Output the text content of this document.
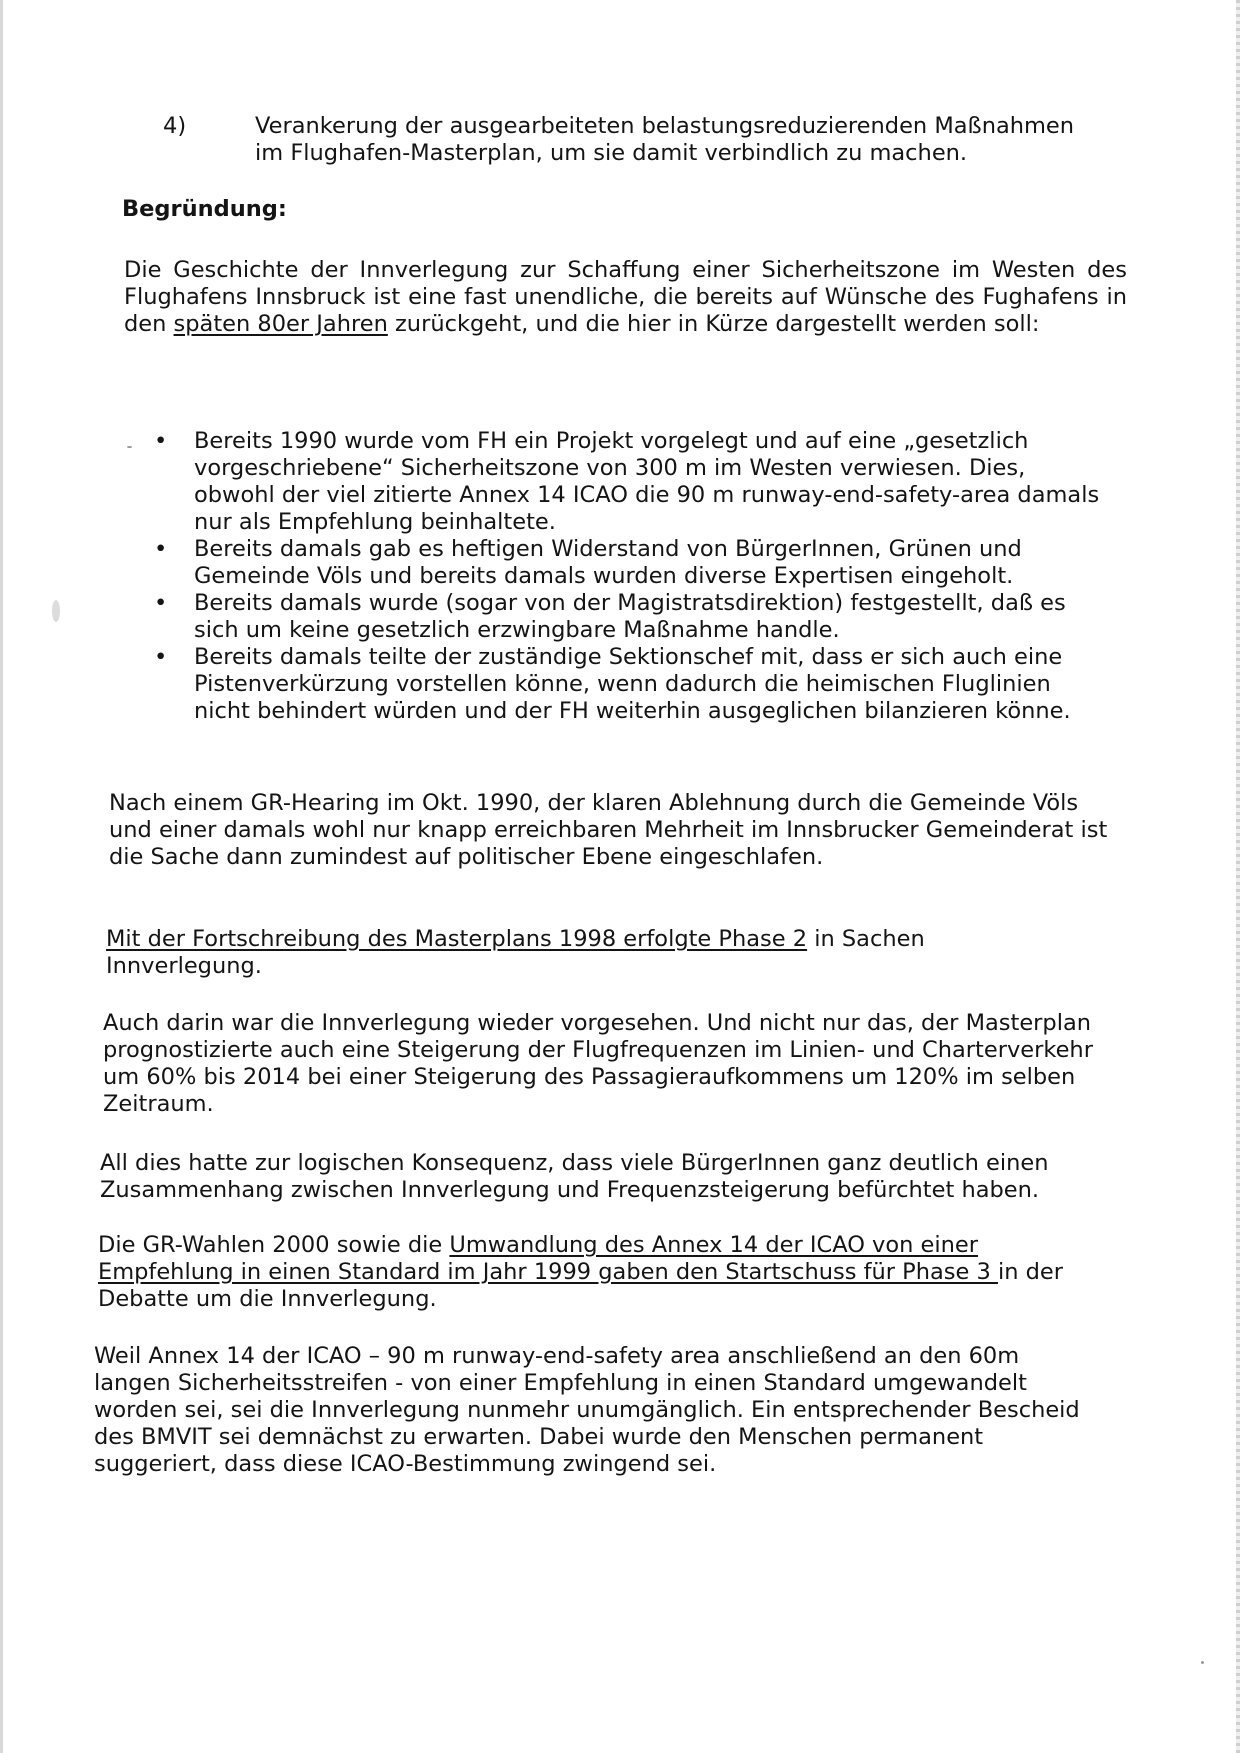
4)	Verankerung der ausgearbeiteten belastungsreduzierenden Maßnahmen
im Flughafen-Masterplan, um sie damit verbindlich zu machen.
Begründung:

Die Geschichte der Innverlegung zur Schaffung einer Sicherheitszone im Westen des Flughafens Innsbruck ist eine fast unendliche, die bereits auf Wünsche des Fughafens in den späten 80er Jahren zurückgeht, und die hier in Kürze dargestellt werden soll:

• Bereits 1990 wurde vom FH ein Projekt vorgelegt und auf eine „gesetzlich vorgeschriebene“ Sicherheitszone von 300 m im Westen verwiesen. Dies, obwohl der viel zitierte Annex 14 ICAO die 90 m runway-end-safety-area damals nur als Empfehlung beinhaltete.
• Bereits damals gab es heftigen Widerstand von BürgerInnen, Grünen und Gemeinde Völs und bereits damals wurden diverse Expertisen eingeholt.
• Bereits damals wurde (sogar von der Magistratsdirektion) festgestellt, daß es sich um keine gesetzlich erzwingbare Maßnahme handle.
• Bereits damals teilte der zuständige Sektionschef mit, dass er sich auch eine Pistenverkürzung vorstellen könne, wenn dadurch die heimischen Fluglinien nicht behindert würden und der FH weiterhin ausgeglichen bilanzieren könne.

Nach einem GR-Hearing im Okt. 1990, der klaren Ablehnung durch die Gemeinde Völs und einer damals wohl nur knapp erreichbaren Mehrheit im Innsbrucker Gemeinderat ist die Sache dann zumindest auf politischer Ebene eingeschlafen.

Mit der Fortschreibung des Masterplans 1998 erfolgte Phase 2 in Sachen Innverlegung.

Auch darin war die Innverlegung wieder vorgesehen. Und nicht nur das, der Masterplan prognostizierte auch eine Steigerung der Flugfrequenzen im Linien- und Charterverkehr um 60% bis 2014 bei einer Steigerung des Passagieraufkommens um 120% im selben Zeitraum.

All dies hatte zur logischen Konsequenz, dass viele BürgerInnen ganz deutlich einen Zusammenhang zwischen Innverlegung und Frequenzsteigerung befürchtet haben.

Die GR-Wahlen 2000 sowie die Umwandlung des Annex 14 der ICAO von einer Empfehlung in einen Standard im Jahr 1999 gaben den Startschuss für Phase 3 in der Debatte um die Innverlegung.

Weil Annex 14 der ICAO – 90 m runway-end-safety area anschließend an den 60m langen Sicherheitsstreifen - von einer Empfehlung in einen Standard umgewandelt worden sei, sei die Innverlegung nunmehr unumgänglich. Ein entsprechender Bescheid des BMVIT sei demnächst zu erwarten. Dabei wurde den Menschen permanent suggeriert, dass diese ICAO-Bestimmung zwingend sei.
